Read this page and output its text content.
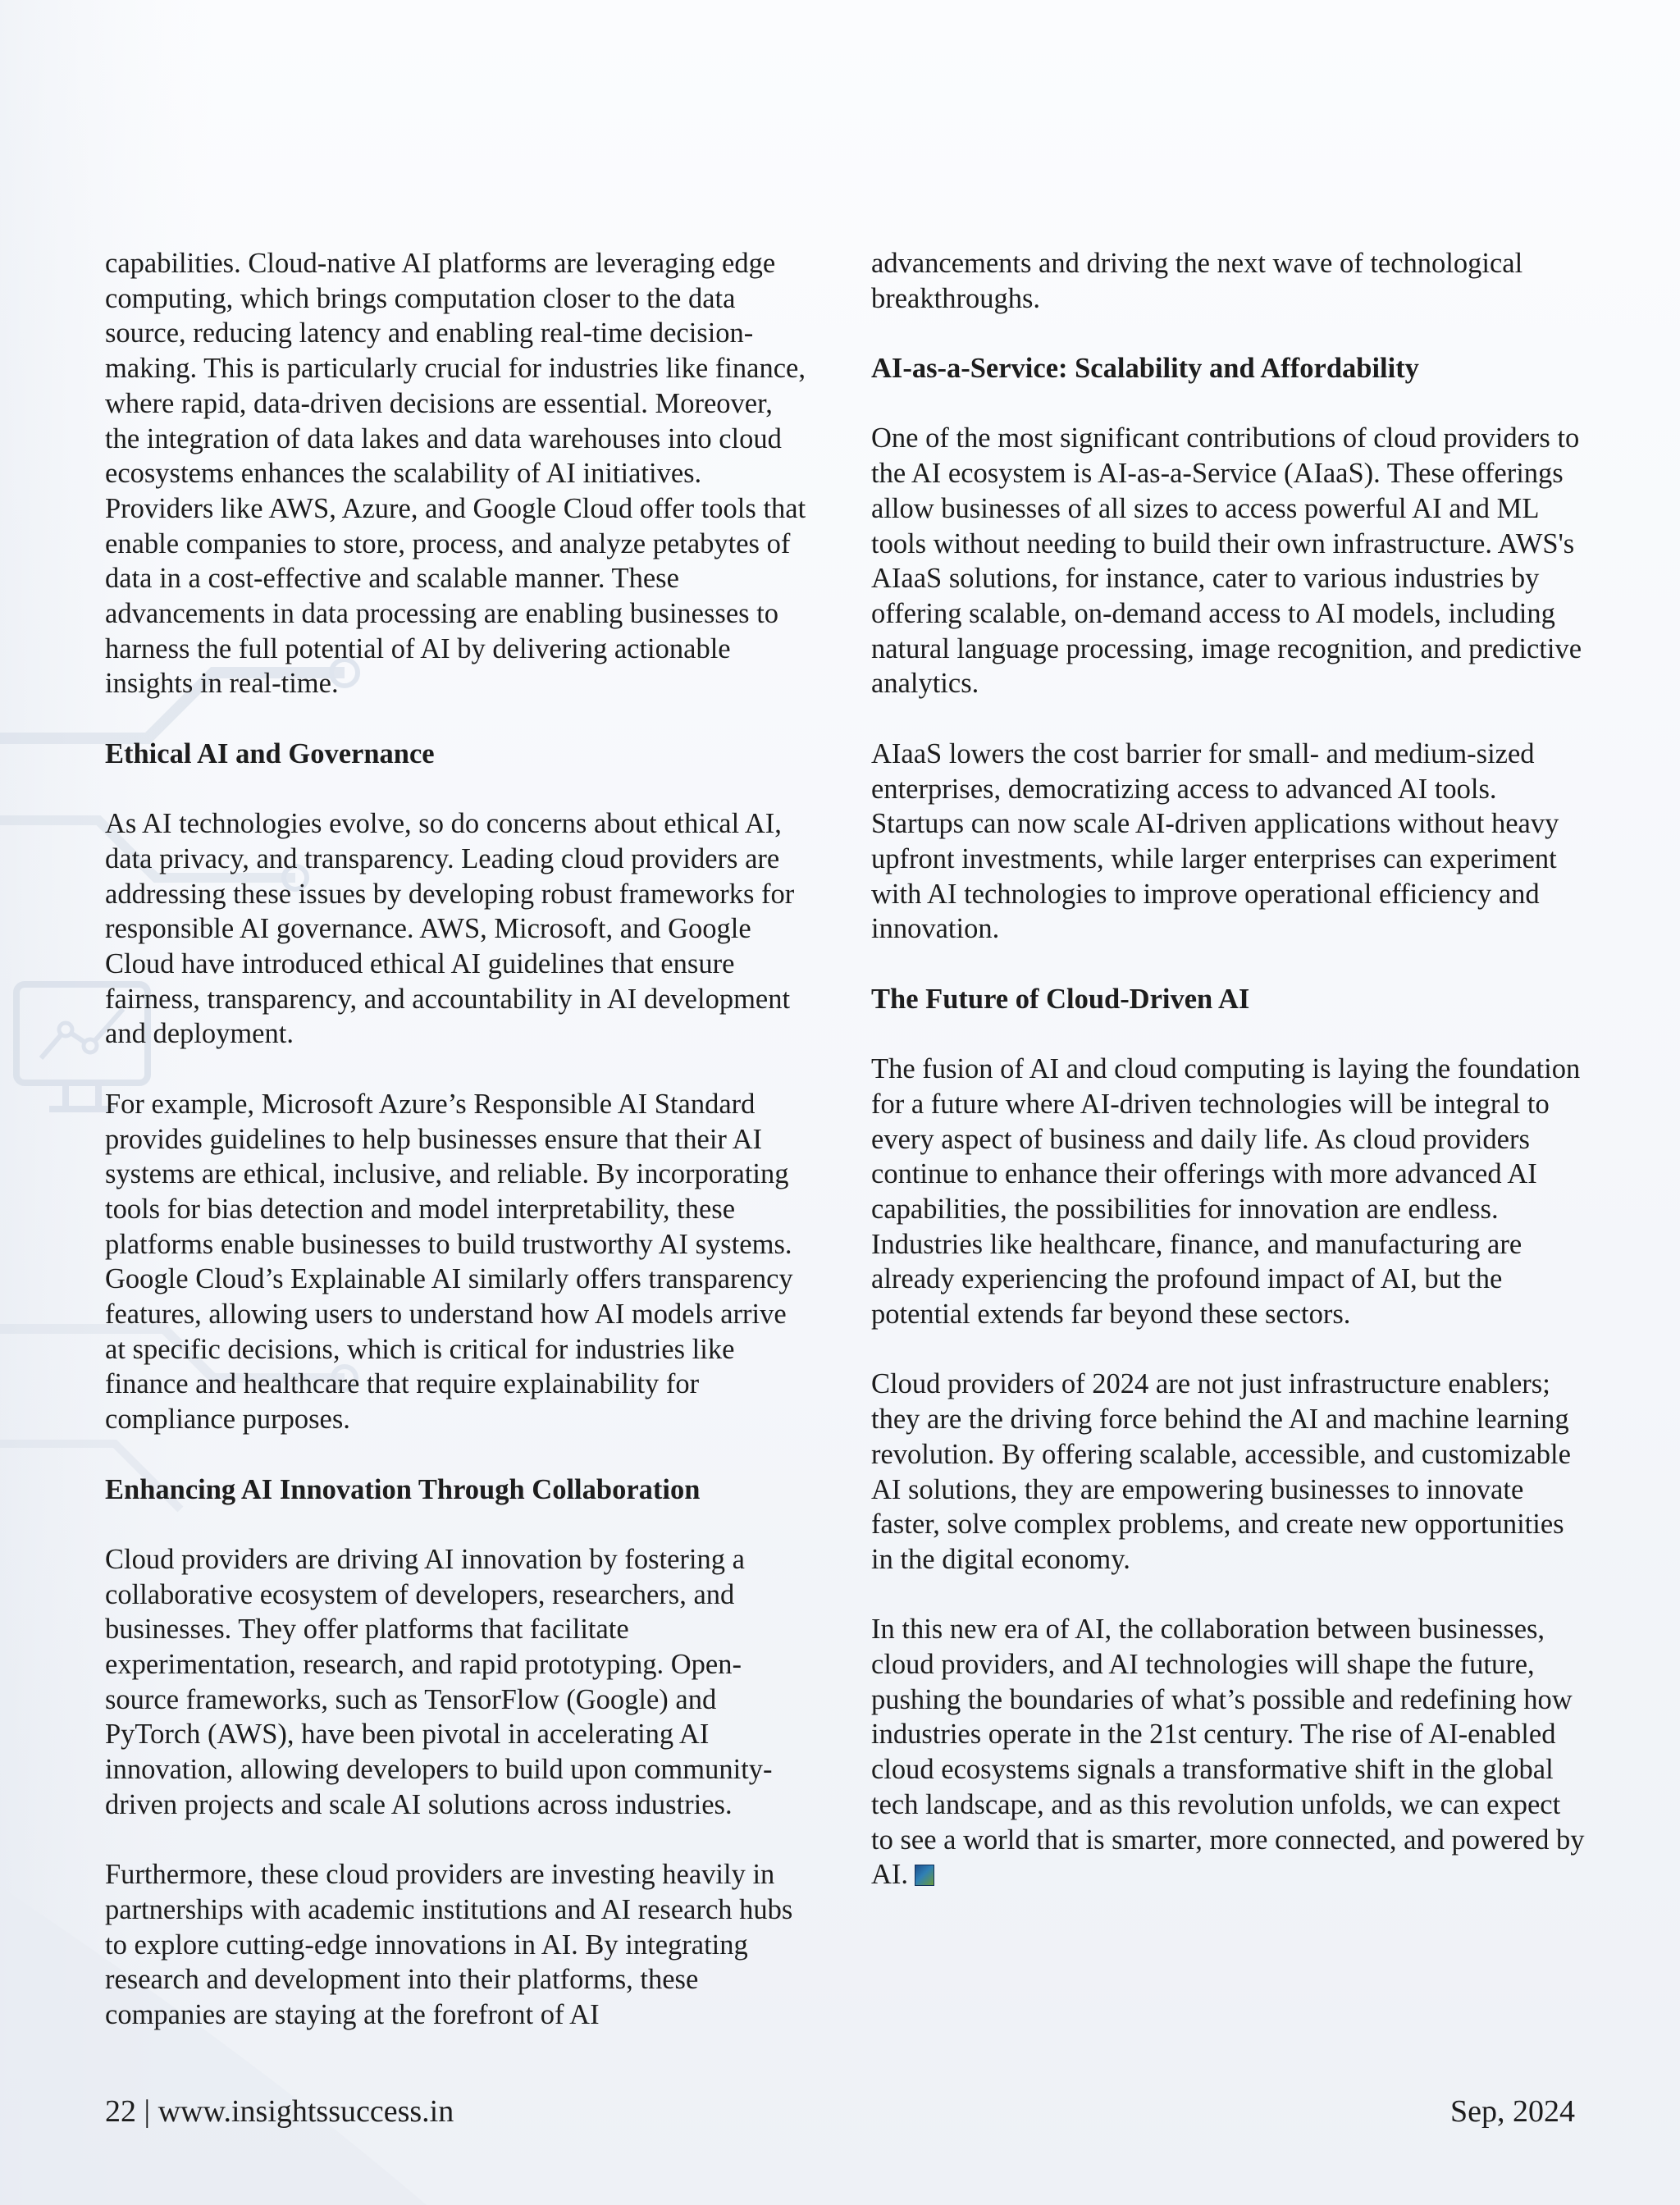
capabilities. Cloud-native AI platforms are leveraging edge computing, which brings computation closer to the data source, reducing latency and enabling real-time decision-making. This is particularly crucial for industries like finance, where rapid, data-driven decisions are essential. Moreover, the integration of data lakes and data warehouses into cloud ecosystems enhances the scalability of AI initiatives. Providers like AWS, Azure, and Google Cloud offer tools that enable companies to store, process, and analyze petabytes of data in a cost-effective and scalable manner. These advancements in data processing are enabling businesses to harness the full potential of AI by delivering actionable insights in real-time.

Ethical AI and Governance

As AI technologies evolve, so do concerns about ethical AI, data privacy, and transparency. Leading cloud providers are addressing these issues by developing robust frameworks for responsible AI governance. AWS, Microsoft, and Google Cloud have introduced ethical AI guidelines that ensure fairness, transparency, and accountability in AI development and deployment.

For example, Microsoft Azure’s Responsible AI Standard provides guidelines to help businesses ensure that their AI systems are ethical, inclusive, and reliable. By incorporating tools for bias detection and model interpretability, these platforms enable businesses to build trustworthy AI systems. Google Cloud’s Explainable AI similarly offers transparency features, allowing users to understand how AI models arrive at specific decisions, which is critical for industries like finance and healthcare that require explainability for compliance purposes.

Enhancing AI Innovation Through Collaboration

Cloud providers are driving AI innovation by fostering a collaborative ecosystem of developers, researchers, and businesses. They offer platforms that facilitate experimentation, research, and rapid prototyping. Open-source frameworks, such as TensorFlow (Google) and PyTorch (AWS), have been pivotal in accelerating AI innovation, allowing developers to build upon community-driven projects and scale AI solutions across industries.

Furthermore, these cloud providers are investing heavily in partnerships with academic institutions and AI research hubs to explore cutting-edge innovations in AI. By integrating research and development into their platforms, these companies are staying at the forefront of AI

advancements and driving the next wave of technological breakthroughs.

AI-as-a-Service: Scalability and Affordability

One of the most significant contributions of cloud providers to the AI ecosystem is AI-as-a-Service (AIaaS). These offerings allow businesses of all sizes to access powerful AI and ML tools without needing to build their own infrastructure. AWS's AIaaS solutions, for instance, cater to various industries by offering scalable, on-demand access to AI models, including natural language processing, image recognition, and predictive analytics.

AIaaS lowers the cost barrier for small- and medium-sized enterprises, democratizing access to advanced AI tools. Startups can now scale AI-driven applications without heavy upfront investments, while larger enterprises can experiment with AI technologies to improve operational efficiency and innovation.

The Future of Cloud-Driven AI

The fusion of AI and cloud computing is laying the foundation for a future where AI-driven technologies will be integral to every aspect of business and daily life. As cloud providers continue to enhance their offerings with more advanced AI capabilities, the possibilities for innovation are endless. Industries like healthcare, finance, and manufacturing are already experiencing the profound impact of AI, but the potential extends far beyond these sectors.

Cloud providers of 2024 are not just infrastructure enablers; they are the driving force behind the AI and machine learning revolution. By offering scalable, accessible, and customizable AI solutions, they are empowering businesses to innovate faster, solve complex problems, and create new opportunities in the digital economy.

In this new era of AI, the collaboration between businesses, cloud providers, and AI technologies will shape the future, pushing the boundaries of what’s possible and redefining how industries operate in the 21st century. The rise of AI-enabled cloud ecosystems signals a transformative shift in the global tech landscape, and as this revolution unfolds, we can expect to see a world that is smarter, more connected, and powered by AI.

22 | www.insightssuccess.in	Sep, 2024
